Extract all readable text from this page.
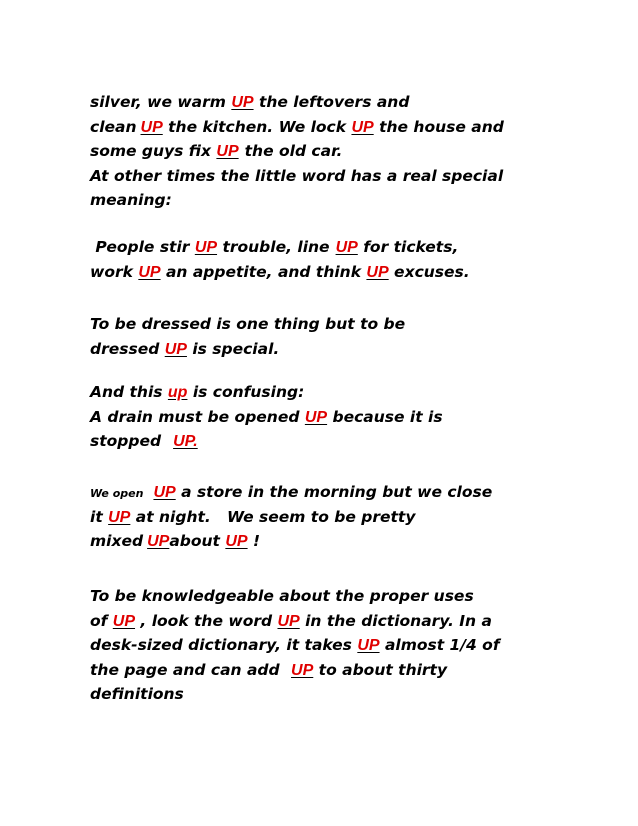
silver, we warm UP the leftovers and
clean UP the kitchen. We lock UP the house and
some guys fix UP the old car.
At other times the little word has a real special
meaning:
People stir UP trouble, line UP for tickets,
work UP an appetite, and think UP excuses.
To be dressed is one thing but to be
dressed UP is special.
And this up is confusing:
A drain must be opened UP because it is
stopped UP.
We open UP a store in the morning but we close
it UP at night.   We seem to be pretty
mixed UPabout UP !
To be knowledgeable about the proper uses
of UP , look the word UP in the dictionary. In a
desk-sized dictionary, it takes UP almost 1/4 of
the page and can add UP to about thirty
definitions
